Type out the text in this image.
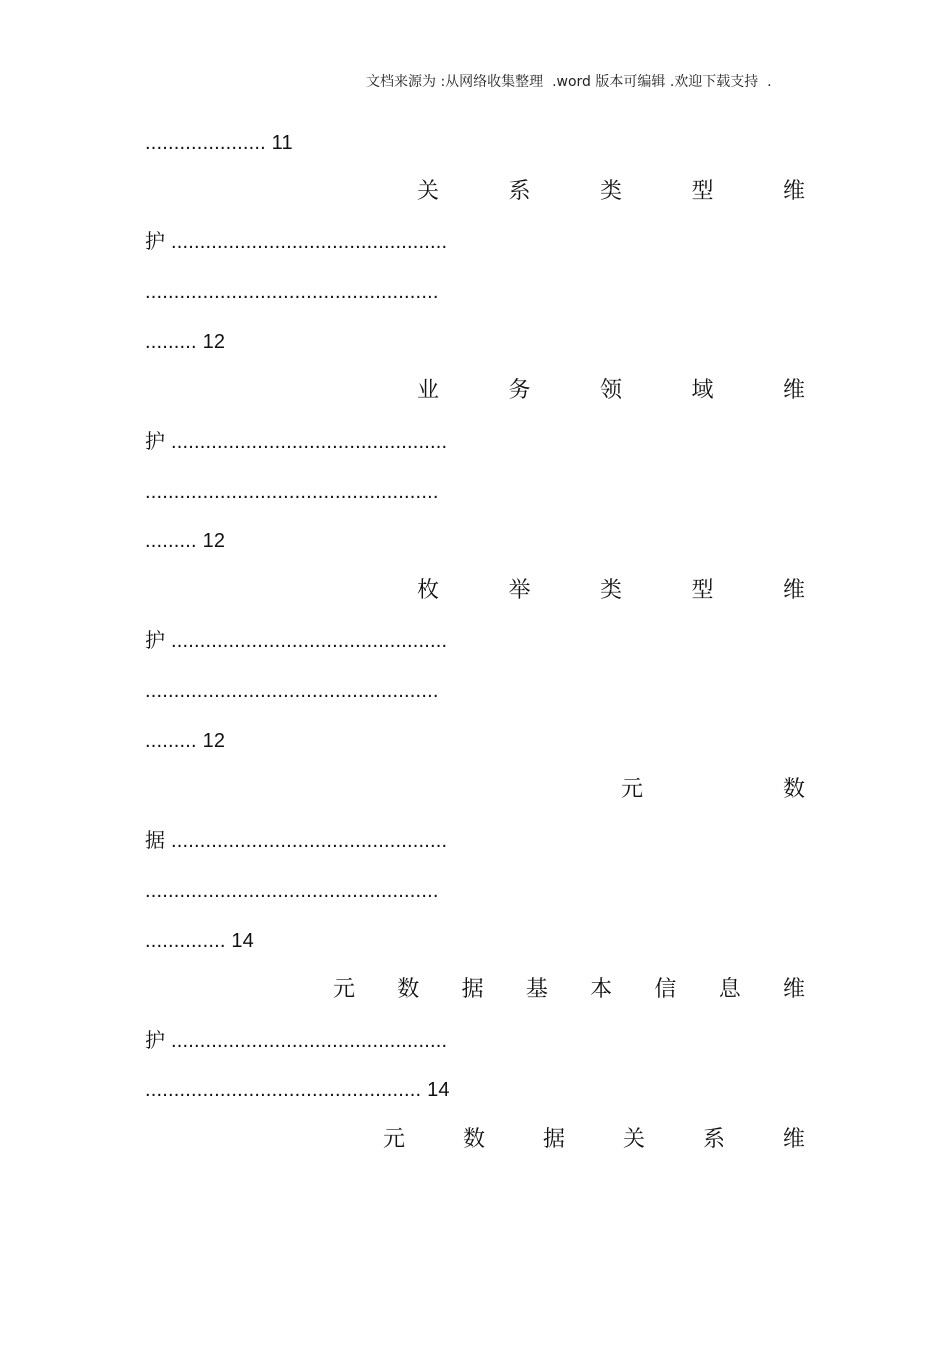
文档来源为 :从网络收集整理  .word 版本可编辑 .欢迎下载支持  .
..................... 11
关	系	类	型	维
护 ................................................
...................................................
......... 12
业	务	领	域	维
护 ................................................
...................................................
......... 12
枚	举	类	型	维
护 ................................................
...................................................
......... 12
元	数
据 ................................................
...................................................
.............. 14
元 数 据 基 本 信 息 维
护 ................................................
................................................ 14
元	数	据	关	系	维
